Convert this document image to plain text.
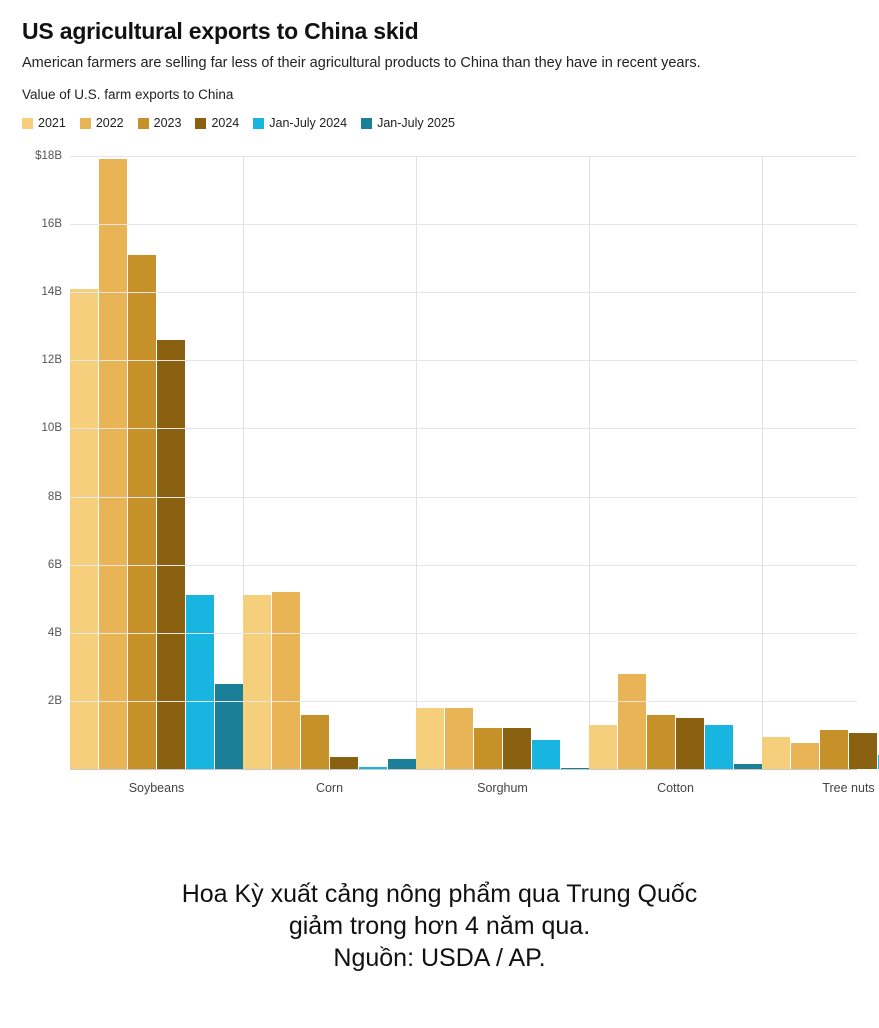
US agricultural exports to China skid

American farmers are selling far less of their agricultural products to China than they have in recent years.

Value of U.S. farm exports to China

2021 2022 2023 2024 Jan-July 2024 Jan-July 2025
Soybeans	Corn	Sorghum	Cotton	Tree nuts
$18B
16B
14B
12B
10B
8B
6B
4B
2B
Hoa Kỳ xuất cảng nông phẩm qua Trung Quốc
giảm trong hơn 4 năm qua.
Nguồn: USDA / AP.
